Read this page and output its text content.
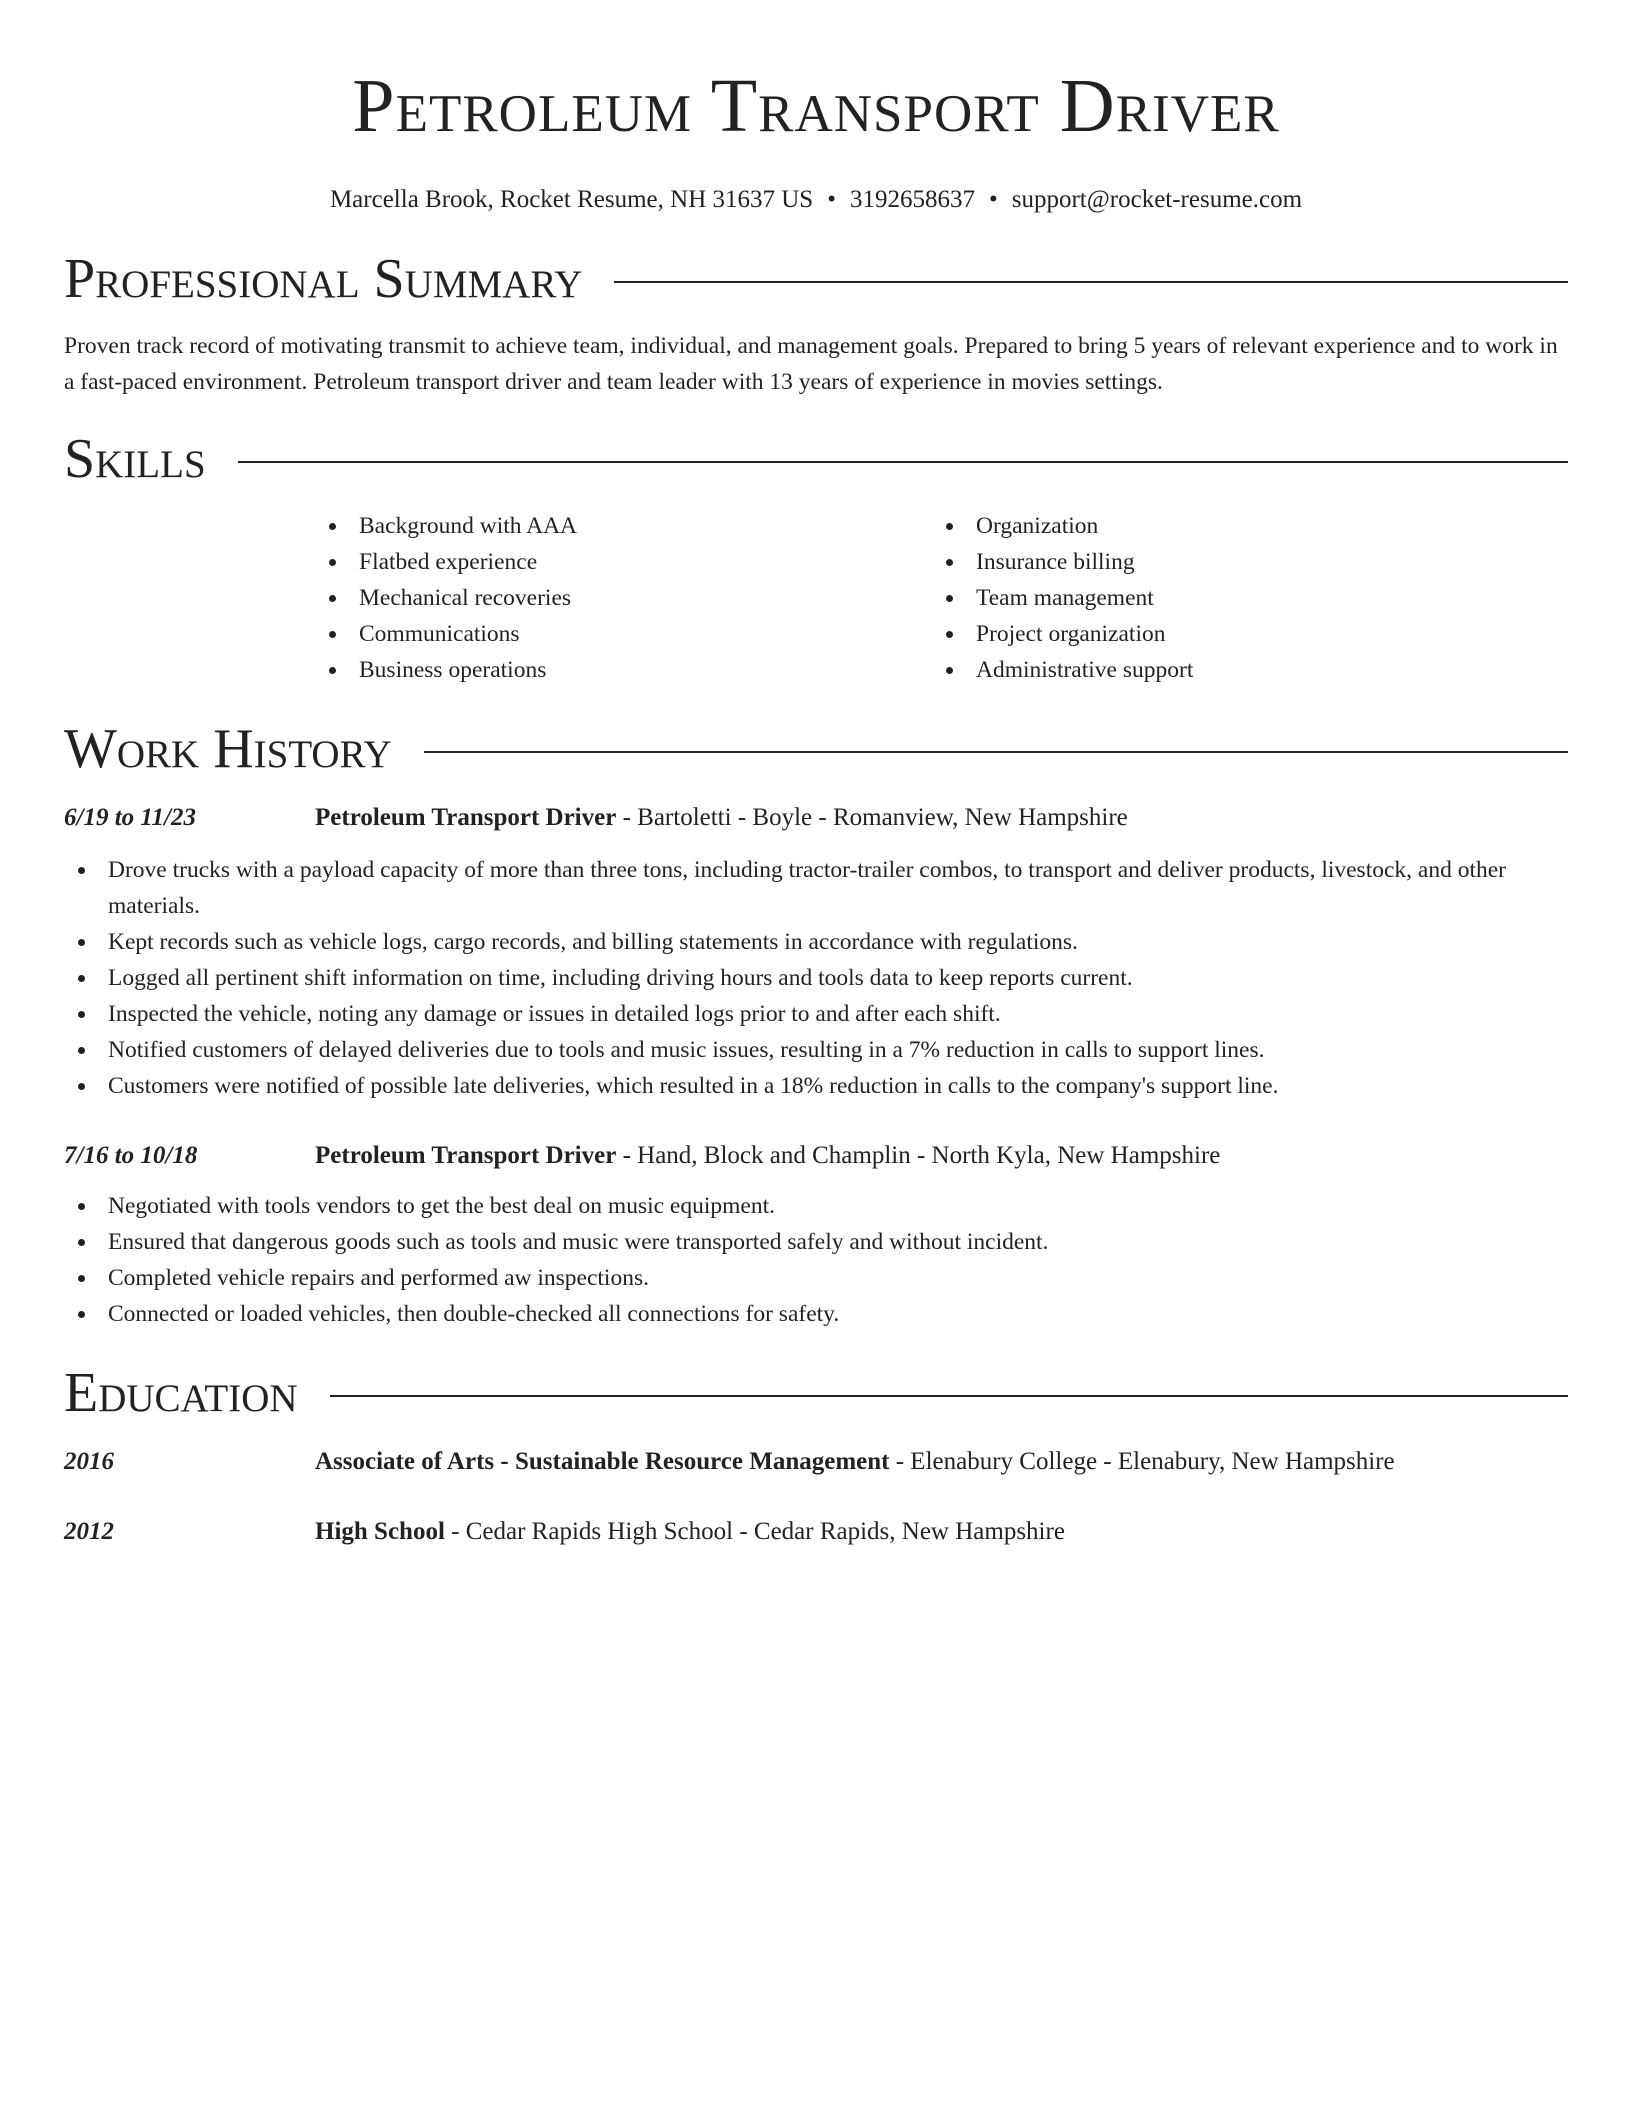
Petroleum Transport Driver
Marcella Brook, Rocket Resume, NH 31637 US • 3192658637 • support@rocket-resume.com
Professional Summary

Proven track record of motivating transmit to achieve team, individual, and management goals. Prepared to bring 5 years of relevant experience and to work in a fast-paced environment. Petroleum transport driver and team leader with 13 years of experience in movies settings.

Skills
Background with AAA
Flatbed experience
Mechanical recoveries
Communications
Business operations
Organization
Insurance billing
Team management
Project organization
Administrative support
Work History
6/19 to 11/23	Petroleum Transport Driver - Bartoletti - Boyle - Romanview, New Hampshire
Drove trucks with a payload capacity of more than three tons, including tractor-trailer combos, to transport and deliver products, livestock, and other materials.
Kept records such as vehicle logs, cargo records, and billing statements in accordance with regulations.
Logged all pertinent shift information on time, including driving hours and tools data to keep reports current.
Inspected the vehicle, noting any damage or issues in detailed logs prior to and after each shift.
Notified customers of delayed deliveries due to tools and music issues, resulting in a 7% reduction in calls to support lines.
Customers were notified of possible late deliveries, which resulted in a 18% reduction in calls to the company's support line.
7/16 to 10/18	Petroleum Transport Driver - Hand, Block and Champlin - North Kyla, New Hampshire
Negotiated with tools vendors to get the best deal on music equipment.
Ensured that dangerous goods such as tools and music were transported safely and without incident.
Completed vehicle repairs and performed aw inspections.
Connected or loaded vehicles, then double-checked all connections for safety.
Education
2016	Associate of Arts - Sustainable Resource Management - Elenabury College - Elenabury, New Hampshire
2012	High School - Cedar Rapids High School - Cedar Rapids, New Hampshire
